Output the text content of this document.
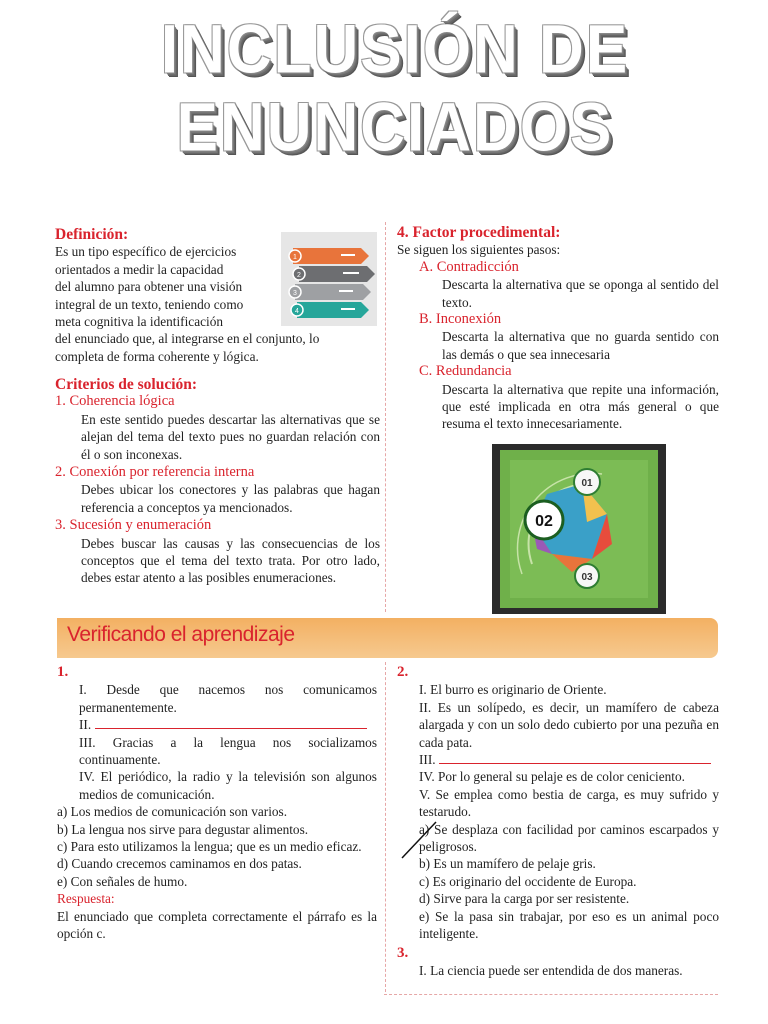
INCLUSIÓN DE ENUNCIADOS
Definición:
Es un tipo específico de ejercicios
orientados a medir la capacidad
del alumno para obtener una visión
integral de un texto, teniendo como
meta cognitiva la identificación
del enunciado que, al integrarse en el conjunto, lo
completa de forma coherente y lógica.
1
2
3
4
Criterios de solución:
1. Coherencia lógica
En este sentido puedes descartar las alternativas que se alejan del tema del texto pues no guardan relación con él o son inconexas.
2. Conexión por referencia interna
Debes ubicar los conectores y las palabras que hagan referencia a conceptos ya mencionados.
3. Sucesión y enumeración
Debes buscar las causas y las consecuencias de los conceptos que el tema del texto trata. Por otro lado, debes estar atento a las posibles enumeraciones.
4. Factor procedimental:
Se siguen los siguientes pasos:
A. Contradicción
Descarta la alternativa que se oponga al sentido del texto.
B. Inconexión
Descarta la alternativa que no guarda sentido con las demás o que sea innecesaria
C. Redundancia
Descarta la alternativa que repite una información, que esté implicada en otra más general o que resuma el texto innecesariamente.
01
02
03
Verificando el aprendizaje
1.
I. Desde que nacemos nos comunicamos permanentemente.
II.
III. Gracias a la lengua nos socializamos continuamente.
IV. El periódico, la radio y la televisión son algunos medios de comunicación.
a) Los medios de comunicación son varios.
b) La lengua nos sirve para degustar alimentos.
c) Para esto utilizamos la lengua; que es un medio eficaz.
d) Cuando crecemos caminamos en dos patas.
e) Con señales de humo.
Respuesta:
El enunciado que completa correctamente el párrafo es la opción c.
2.
I. El burro es originario de Oriente.
II. Es un solípedo, es decir, un mamífero de cabeza alargada y con un solo dedo cubierto por una pezuña en cada pata.
III.
IV. Por lo general su pelaje es de color ceniciento.
V. Se emplea como bestia de carga, es muy sufrido y testarudo.
a) Se desplaza con facilidad por caminos escarpados y peligrosos.
b) Es un mamífero de pelaje gris.
c) Es originario del occidente de Europa.
d) Sirve para la carga por ser resistente.
e) Se la pasa sin trabajar, por eso es un animal poco inteligente.
3.
I. La ciencia puede ser entendida de dos maneras.
